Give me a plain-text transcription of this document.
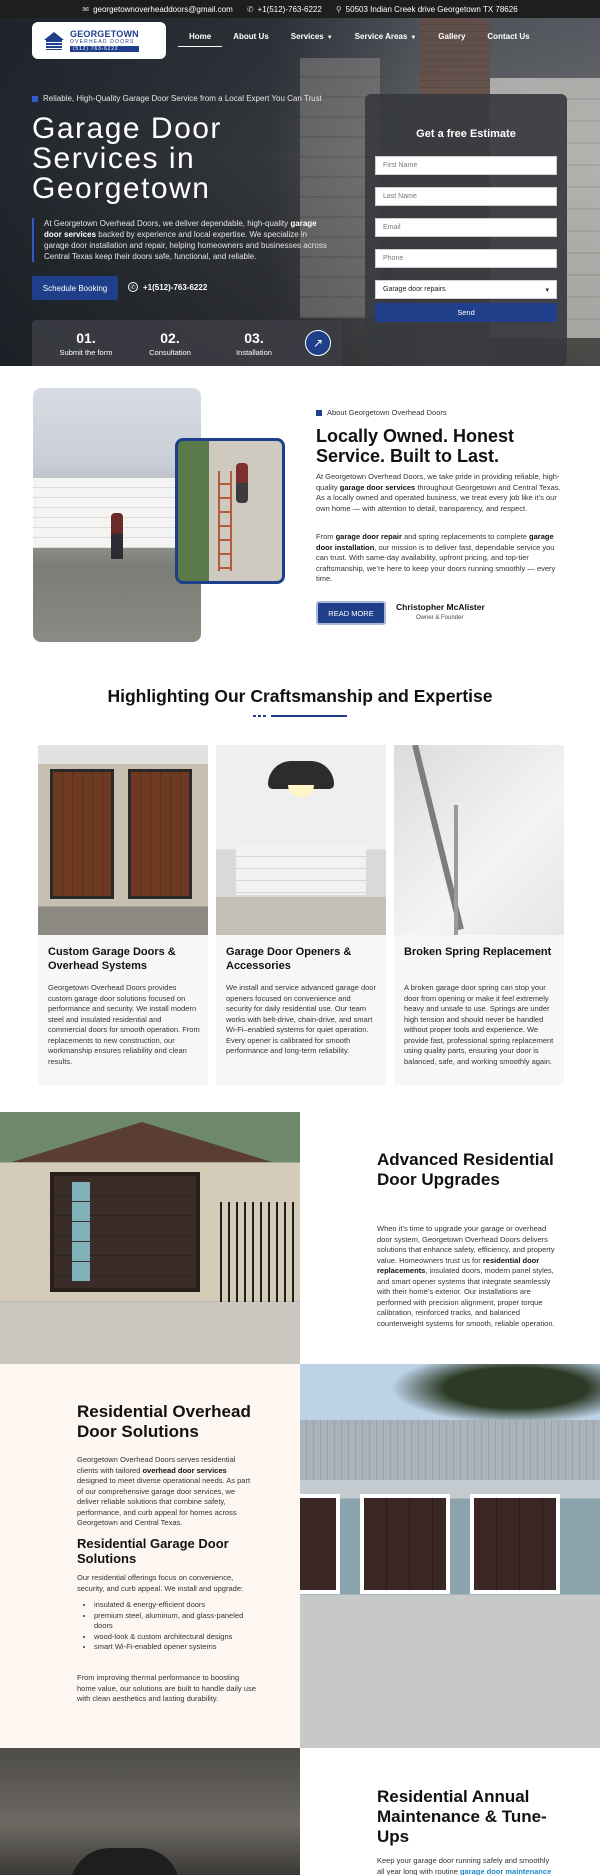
✉ georgetownoverheaddoors@gmail.com ✆ +1(512)-763-6222 ⚲ 50503 Indian Creek drive Georgetown TX 78626
GEORGETOWN
OVERHEAD DOORS
(512) 763-6222
Home	About Us	Services ▼	Service Areas ▼	Gallery	Contact Us
Reliable, High-Quality Garage Door Service from a Local Expert You Can Trust
Garage Door Services in Georgetown

At Georgetown Overhead Doors, we deliver dependable, high-quality garage door services backed by experience and local expertise. We specialize in garage door installation and repair, helping homeowners and businesses across Central Texas keep their doors safe, functional, and reliable.

Schedule Booking	✆ +1(512)-763-6222
01.
Submit the form
02.
Consultation
03.
Installation
↗
Get a free Estimate
First Name
Last Name
Email
Phone
Garage door repairs	▾
Send
About Georgetown Overhead Doors
Locally Owned. Honest Service. Built to Last.

At Georgetown Overhead Doors, we take pride in providing reliable, high-quality garage door services throughout Georgetown and Central Texas. As a locally owned and operated business, we treat every job like it’s our own home — with attention to detail, transparency, and respect.

From garage door repair and spring replacements to complete garage door installation, our mission is to deliver fast, dependable service you can trust. With same-day availability, upfront pricing, and top-tier craftsmanship, we’re here to keep your doors running smoothly — every time.

READ MORE
Christopher McAlister
Owner & Founder
Highlighting Our Craftsmanship and Expertise
Custom Garage Doors & Overhead Systems

Georgetown Overhead Doors provides custom garage door solutions focused on performance and security. We install modern steel and insulated residential and commercial doors for smooth operation. From replacements to new construction, our workmanship ensures reliability and clean results.

Garage Door Openers & Accessories

We install and service advanced garage door openers focused on convenience and security for daily residential use. Our team works with belt-drive, chain-drive, and smart Wi-Fi–enabled systems for quiet operation. Every opener is calibrated for smooth performance and long-term reliability.

Broken Spring Replacement

A broken garage door spring can stop your door from opening or make it feel extremely heavy and unsafe to use. Springs are under high tension and should never be handled without proper tools and experience. We provide fast, professional spring replacement using quality parts, ensuring your door is balanced, safe, and working smoothly again.

Advanced Residential Door Upgrades

When it’s time to upgrade your garage or overhead door system, Georgetown Overhead Doors delivers solutions that enhance safety, efficiency, and property value. Homeowners trust us for residential door replacements, insulated doors, modern panel styles, and smart opener systems that integrate seamlessly with their home’s exterior. Our installations are performed with precision alignment, proper torque calibration, reinforced tracks, and balanced counterweight systems for smooth, reliable operation.

Residential Overhead Door Solutions

Georgetown Overhead Doors serves residential clients with tailored overhead door services designed to meet diverse operational needs. As part of our comprehensive garage door services, we deliver reliable solutions that combine safety, performance, and curb appeal for homes across Georgetown and Central Texas.

Residential Garage Door Solutions

Our residential offerings focus on convenience, security, and curb appeal. We install and upgrade:

• insulated & energy-efficient doors
• premium steel, aluminum, and glass-paneled doors
• wood-look & custom architectural designs
• smart Wi-Fi-enabled opener systems

From improving thermal performance to boosting home value, our solutions are built to handle daily use with clean aesthetics and lasting durability.

Residential Annual Maintenance & Tune-Ups

Keep your garage door running safely and smoothly all year long with routine garage door maintenance
